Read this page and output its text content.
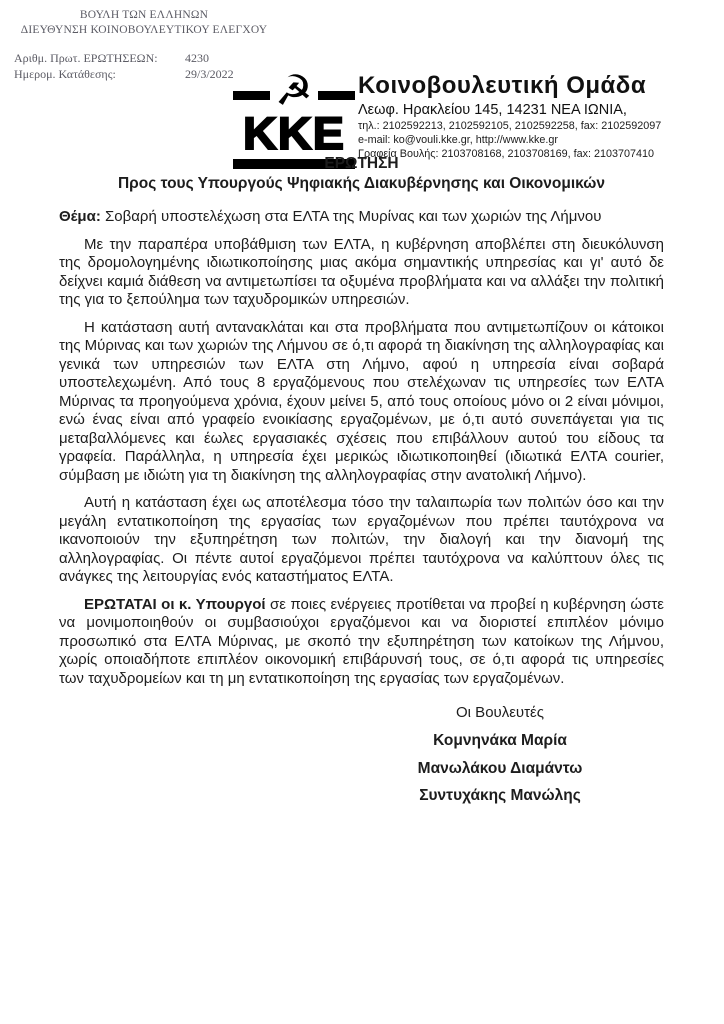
ΒΟΥΛΗ ΤΩΝ ΕΛΛΗΝΩΝ
ΔΙΕΥΘΥΝΣΗ ΚΟΙΝΟΒΟΥΛΕΥΤΙΚΟΥ ΕΛΕΓΧΟΥ
Αριθμ. Πρωτ. ΕΡΩΤΗΣΕΩΝ:	4230
Ημερομ. Κατάθεσης:	29/3/2022 ☭
KKE
Κοινοβουλευτική Ομάδα
Λεωφ. Ηρακλείου 145, 14231 ΝΕΑ ΙΩΝΙΑ,
τηλ.: 2102592213, 2102592105, 2102592258, fax: 2102592097
e-mail: ko@vouli.kke.gr, http://www.kke.gr
Γραφεία Βουλής: 2103708168, 2103708169, fax: 2103707410
ΕΡΩΤΗΣΗ
Προς τους Υπουργούς Ψηφιακής Διακυβέρνησης και Οικονομικών
Θέμα: Σοβαρή υποστελέχωση στα ΕΛΤΑ της Μυρίνας και των χωριών της Λήμνου

Με την παραπέρα υποβάθμιση των ΕΛΤΑ, η κυβέρνηση αποβλέπει στη διευκόλυνση της δρομολογημένης ιδιωτικοποίησης μιας ακόμα σημαντικής υπηρεσίας και γι' αυτό δε δείχνει καμιά διάθεση να αντιμετωπίσει τα οξυμένα προβλήματα και να αλλάξει την πολιτική της για το ξεπούλημα των ταχυδρομικών υπηρεσιών.

Η κατάσταση αυτή αντανακλάται και στα προβλήματα που αντιμετωπίζουν οι κάτοικοι της Μύρινας και των χωριών της Λήμνου σε ό,τι αφορά τη διακίνηση της αλληλογραφίας και γενικά των υπηρεσιών των ΕΛΤΑ στη Λήμνο, αφού η υπηρεσία είναι σοβαρά υποστελεχωμένη. Από τους 8 εργαζόμενους που στελέχωναν τις υπηρεσίες των ΕΛΤΑ Μύρινας τα προηγούμενα χρόνια, έχουν μείνει 5, από τους οποίους μόνο οι 2 είναι μόνιμοι, ενώ ένας είναι από γραφείο ενοικίασης εργαζομένων, με ό,τι αυτό συνεπάγεται για τις μεταβαλλόμενες και έωλες εργασιακές σχέσεις που επιβάλλουν αυτού του είδους τα γραφεία. Παράλληλα, η υπηρεσία έχει μερικώς ιδιωτικοποιηθεί (ιδιωτικά ΕΛΤΑ courier, σύμβαση με ιδιώτη για τη διακίνηση της αλληλογραφίας στην ανατολική Λήμνο).

Αυτή η κατάσταση έχει ως αποτέλεσμα τόσο την ταλαιπωρία των πολιτών όσο και την μεγάλη εντατικοποίηση της εργασίας των εργαζομένων που πρέπει ταυτόχρονα να ικανοποιούν την εξυπηρέτηση των πολιτών, την διαλογή και την διανομή της αλληλογραφίας. Οι πέντε αυτοί εργαζόμενοι πρέπει ταυτόχρονα να καλύπτουν όλες τις ανάγκες της λειτουργίας ενός καταστήματος ΕΛΤΑ.

ΕΡΩΤΑΤΑΙ οι κ. Υπουργοί σε ποιες ενέργειες προτίθεται να προβεί η κυβέρνηση ώστε να μονιμοποιηθούν οι συμβασιούχοι εργαζόμενοι και να διοριστεί επιπλέον μόνιμο προσωπικό στα ΕΛΤΑ Μύρινας, με σκοπό την εξυπηρέτηση των κατοίκων της Λήμνου, χωρίς οποιαδήποτε επιπλέον οικονομική επιβάρυνσή τους, σε ό,τι αφορά τις υπηρεσίες των ταχυδρομείων και τη μη εντατικοποίηση της εργασίας των εργαζομένων.

Οι Βουλευτές
Κομνηνάκα Μαρία
Μανωλάκου Διαμάντω
Συντυχάκης Μανώλης
